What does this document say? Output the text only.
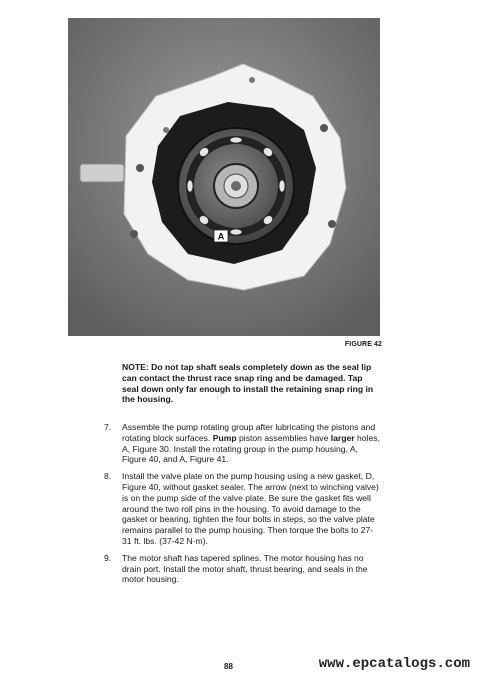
A
FIGURE 42

NOTE: Do not tap shaft seals completely down as the seal lip can contact the thrust race snap ring and be damaged. Tap seal down only far enough to install the retaining snap ring in the housing.

7.	Assemble the pump rotating group after lubricating the pistons and rotating block surfaces. Pump piston assemblies have larger holes, A, Figure 30. Install the rotating group in the pump housing, A, Figure 40, and A, Figure 41.

8.	Install the valve plate on the pump housing using a new gasket, D, Figure 40, without gasket sealer. The arrow (next to winching valve) is on the pump side of the valve plate. Be sure the gasket fits well around the two roll pins in the housing. To avoid damage to the gasket or bearing, tighten the four bolts in steps, so the valve plate remains parallel to the pump housing. Then torque the bolts to 27-31 ft. lbs. (37-42 N·m).

9.	The motor shaft has tapered splines. The motor housing has no drain port. Install the motor shaft, thrust bearing, and seals in the motor housing.

88	www.epcatalogs.com
